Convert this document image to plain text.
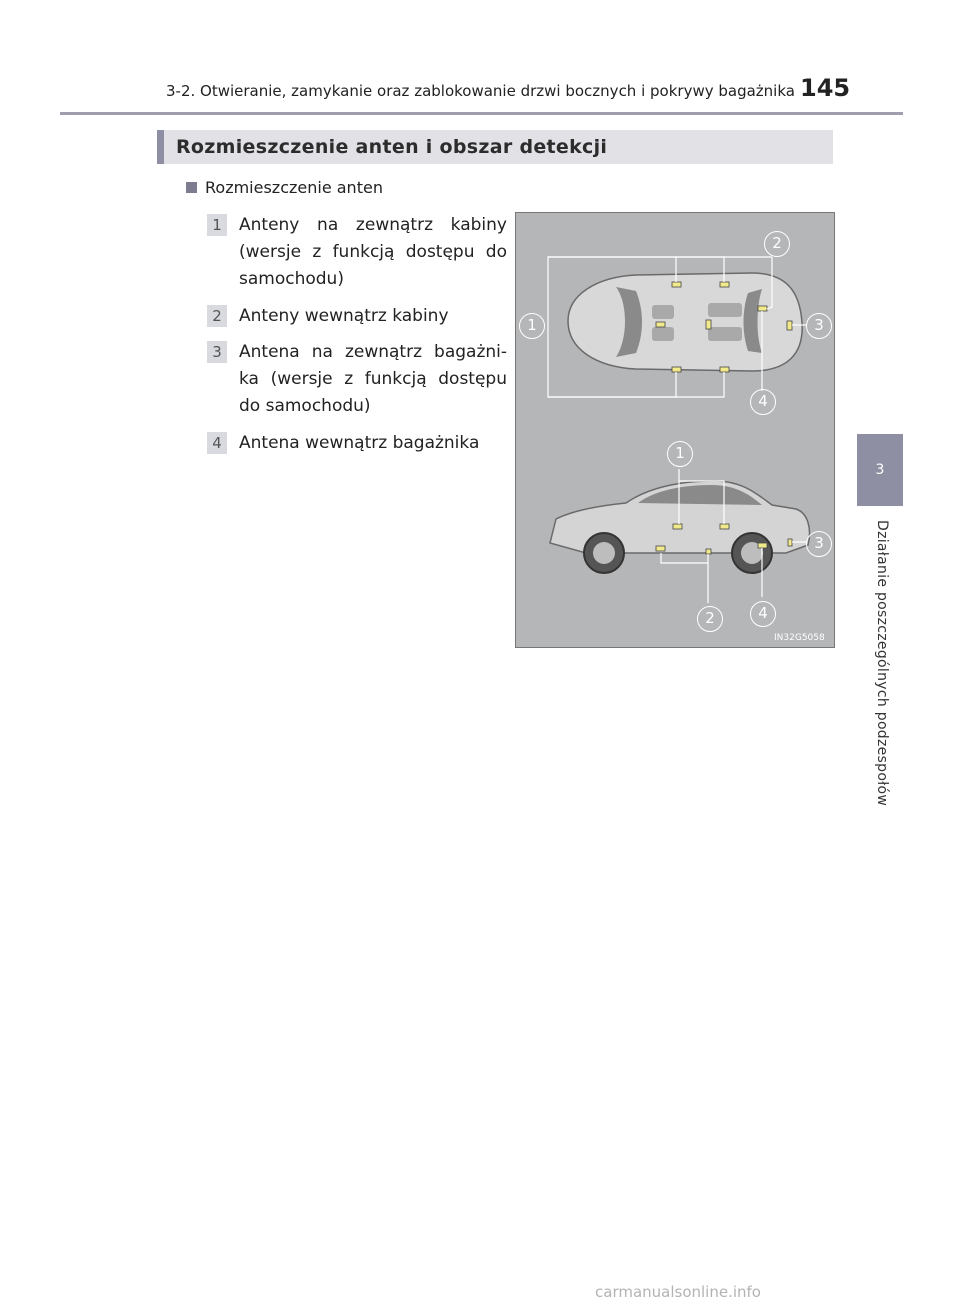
3-2. Otwieranie, zamykanie oraz zablokowanie drzwi bocznych i pokrywy bagażnika 145
3
Działanie poszczególnych podzespołów
Rozmieszczenie anten i obszar detekcji
Rozmieszczenie anten
1	Anteny na zewnątrz kabiny (wersje z funkcją dostępu do samochodu)
2	Anteny wewnątrz kabiny
3	Antena na zewnątrz bagażni-ka (wersje z funkcją dostępu do samochodu)
4	Antena wewnątrz bagażnika
1
2
3
4
1
2
3
4
IN32G5058
carmanualsonline.info
